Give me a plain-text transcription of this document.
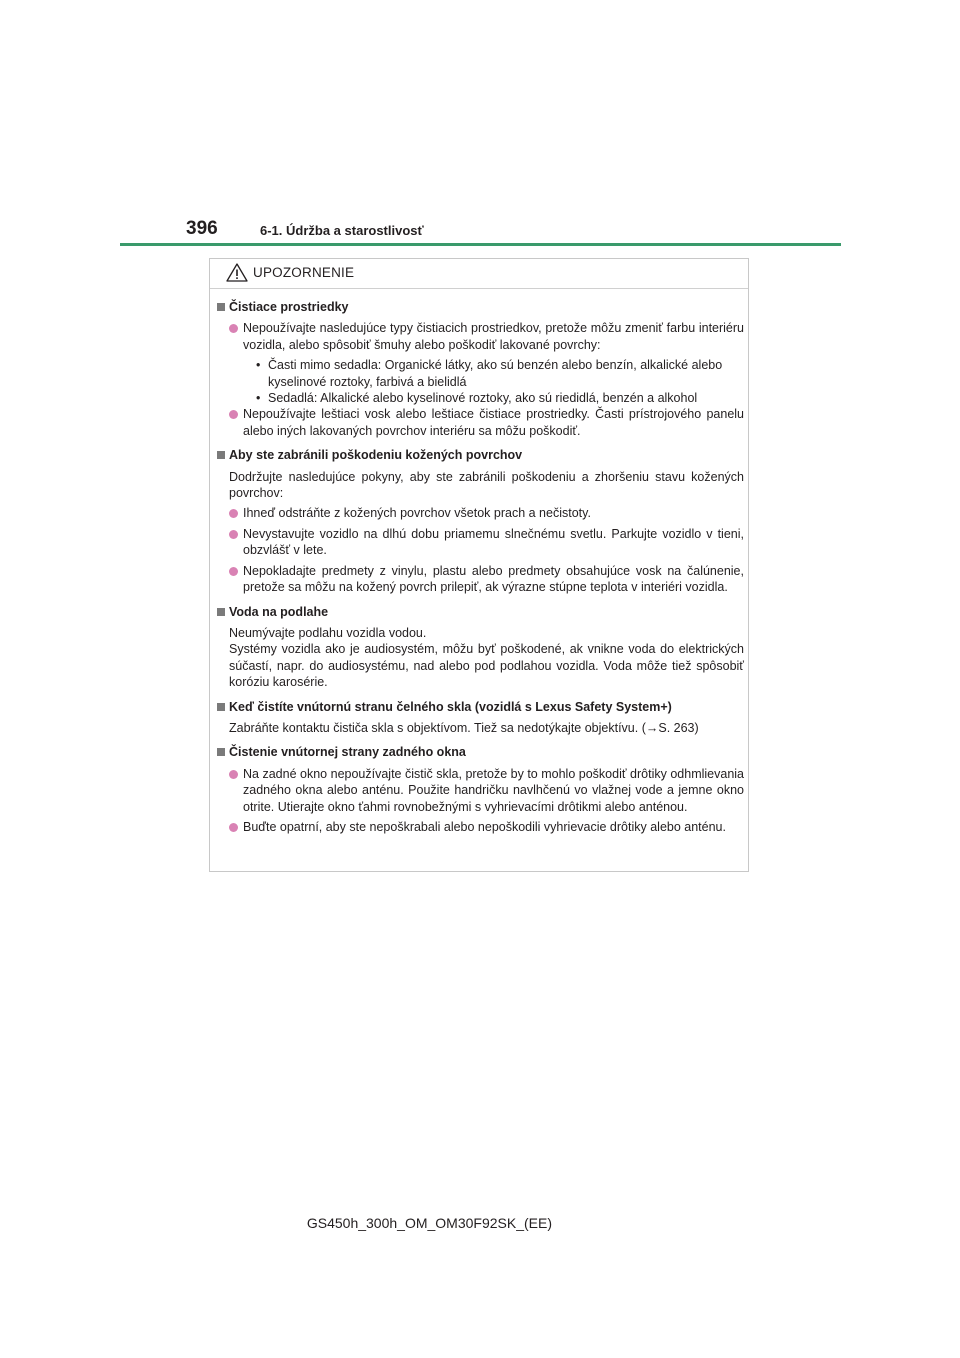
396	6-1. Údržba a starostlivosť
UPOZORNENIE
Čistiace prostriedky
Nepoužívajte nasledujúce typy čistiacich prostriedkov, pretože môžu zmeniť farbu interiéru vozidla, alebo spôsobiť šmuhy alebo poškodiť lakované povrchy:
• Časti mimo sedadla: Organické látky, ako sú benzén alebo benzín, alkalické alebo kyselinové roztoky, farbivá a bielidlá
• Sedadlá: Alkalické alebo kyselinové roztoky, ako sú riedidlá, benzén a alkohol
Nepoužívajte leštiaci vosk alebo leštiace čistiace prostriedky. Časti prístrojového panelu alebo iných lakovaných povrchov interiéru sa môžu poškodiť.
Aby ste zabránili poškodeniu kožených povrchov
Dodržujte nasledujúce pokyny, aby ste zabránili poškodeniu a zhoršeniu stavu kožených povrchov:
Ihneď odstráňte z kožených povrchov všetok prach a nečistoty.
Nevystavujte vozidlo na dlhú dobu priamemu slnečnému svetlu. Parkujte vozidlo v tieni, obzvlášť v lete.
Nepokladajte predmety z vinylu, plastu alebo predmety obsahujúce vosk na čalúnenie, pretože sa môžu na kožený povrch prilepiť, ak výrazne stúpne teplota v interiéri vozidla.
Voda na podlahe
Neumývajte podlahu vozidla vodou.
Systémy vozidla ako je audiosystém, môžu byť poškodené, ak vnikne voda do elektrických súčastí, napr. do audiosystému, nad alebo pod podlahou vozidla. Voda môže tiež spôsobiť koróziu karosérie.
Keď čistíte vnútornú stranu čelného skla (vozidlá s Lexus Safety System+)
Zabráňte kontaktu čističa skla s objektívom. Tiež sa nedotýkajte objektívu. (→S. 263)
Čistenie vnútornej strany zadného okna
Na zadné okno nepoužívajte čistič skla, pretože by to mohlo poškodiť drôtiky odhmlievania zadného okna alebo anténu. Použite handričku navlhčenú vo vlažnej vode a jemne okno otrite. Utierajte okno ťahmi rovnobežnými s vyhrievacími drôtikmi alebo anténou.
Buďte opatrní, aby ste nepoškrabali alebo nepoškodili vyhrievacie drôtiky alebo anténu.
GS450h_300h_OM_OM30F92SK_(EE)
